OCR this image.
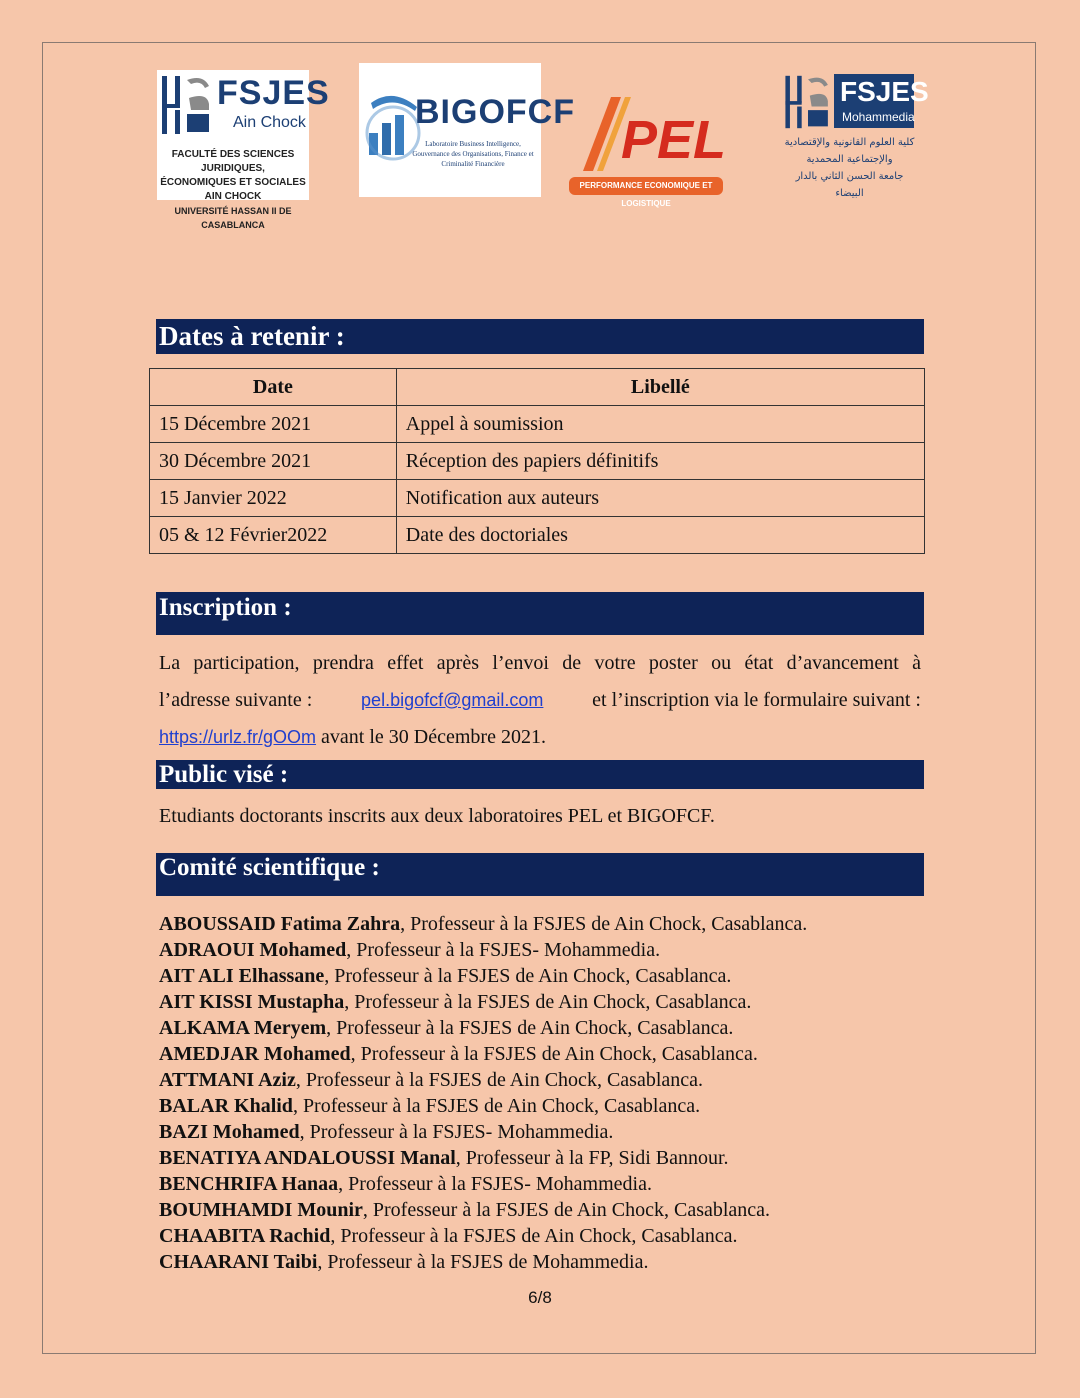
FSJES
Ain Chock
FACULTÉ DES SCIENCES JURIDIQUES,
ÉCONOMIQUES ET SOCIALES AIN CHOCK
UNIVERSITÉ HASSAN II DE CASABLANCA
BIGOFCF
Laboratoire Business Intelligence,
Gouvernance des Organisations, Finance et
Criminalité Financière	PEL
PERFORMANCE ECONOMIQUE ET LOGISTIQUE
FSJES
Mohammedia
كلية العلوم القانونية والإقتصادية
والإجتماعية المحمدية
جامعة الحسن الثاني بالدار البيضاء
Dates à retenir :
Date	Libellé
15 Décembre 2021	Appel à soumission
30 Décembre 2021	Réception des papiers définitifs
15 Janvier 2022	Notification aux auteurs
05 & 12 Février2022	Date des doctoriales
Inscription :
La participation, prendra effet après l’envoi de votre poster ou état d’avancement à
l’adresse suivante :	pel.bigofcf@gmail.com et l’inscription via le formulaire suivant :
https://urlz.fr/gOOm avant le 30 Décembre 2021.
Public visé :
Etudiants doctorants inscrits aux deux laboratoires PEL et BIGOFCF.
Comité scientifique :
ABOUSSAID Fatima Zahra, Professeur à la FSJES de Ain Chock, Casablanca.
ADRAOUI Mohamed, Professeur à la FSJES- Mohammedia.
AIT ALI Elhassane, Professeur à la FSJES de Ain Chock, Casablanca.
AIT KISSI Mustapha, Professeur à la FSJES de Ain Chock, Casablanca.
ALKAMA Meryem, Professeur à la FSJES de Ain Chock, Casablanca.
AMEDJAR Mohamed, Professeur à la FSJES de Ain Chock, Casablanca.
ATTMANI Aziz, Professeur à la FSJES de Ain Chock, Casablanca.
BALAR Khalid, Professeur à la FSJES de Ain Chock, Casablanca.
BAZI Mohamed, Professeur à la FSJES- Mohammedia.
BENATIYA ANDALOUSSI Manal, Professeur à la FP, Sidi Bannour.
BENCHRIFA Hanaa, Professeur à la FSJES- Mohammedia.
BOUMHAMDI Mounir, Professeur à la FSJES de Ain Chock, Casablanca.
CHAABITA Rachid, Professeur à la FSJES de Ain Chock, Casablanca.
CHAARANI Taibi, Professeur à la FSJES de Mohammedia.
6/8
